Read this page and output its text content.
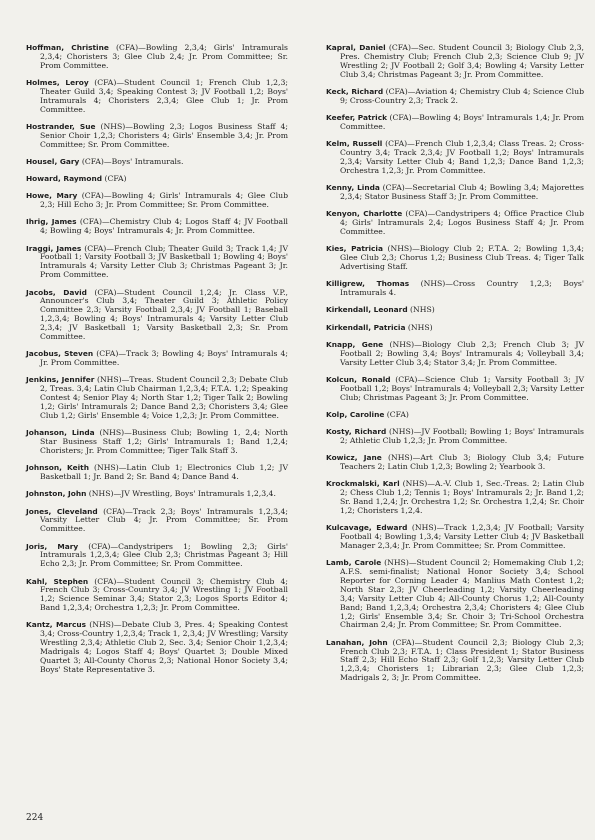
Hoffman, Christine (CFA)—Bowling 2,3,4; Girls' Intramurals 2,3,4; Choristers 3; Glee Club 2,4; Jr. Prom Committee; Sr. Prom Committee.

Holmes, Leroy (CFA)—Student Council 1; French Club 1,2,3; Theater Guild 3,4; Speaking Contest 3; JV Football 1,2; Boys' Intramurals 4; Choristers 2,3,4; Glee Club 1; Jr. Prom Committee.

Hostrander, Sue (NHS)—Bowling 2,3; Logos Business Staff 4; Senior Choir 1,2,3; Choristers 4; Girls' Ensemble 3,4; Jr. Prom Committee; Sr. Prom Committee.

Housel, Gary (CFA)—Boys' Intramurals.

Howard, Raymond (CFA)

Howe, Mary (CFA)—Bowling 4; Girls' Intramurals 4; Glee Club 2,3; Hill Echo 3; Jr. Prom Committee; Sr. Prom Committee.

Ihrig, James (CFA)—Chemistry Club 4; Logos Staff 4; JV Football 4; Bowling 4; Boys' Intramurals 4; Jr. Prom Committee.

Iraggi, James (CFA)—French Club; Theater Guild 3; Track 1,4; JV Football 1; Varsity Football 3; JV Basketball 1; Bowling 4; Boys' Intramurals 4; Varsity Letter Club 3; Christmas Pageant 3; Jr. Prom Committee.

Jacobs, David (CFA)—Student Council 1,2,4; Jr. Class V.P., Announcer's Club 3,4; Theater Guild 3; Athletic Policy Committee 2,3; Varsity Football 2,3,4; JV Football 1; Baseball 1,2,3,4; Bowling 4; Boys' Intramurals 4; Varsity Letter Club 2,3,4; JV Basketball 1; Varsity Basketball 2,3; Sr. Prom Committee.

Jacobus, Steven (CFA)—Track 3; Bowling 4; Boys' Intramurals 4; Jr. Prom Committee.

Jenkins, Jennifer (NHS)—Treas. Student Council 2,3; Debate Club 2, Treas. 3,4; Latin Club Chairman 1,2,3,4; F.T.A. 1,2; Speaking Contest 4; Senior Play 4; North Star 1,2; Tiger Talk 2; Bowling 1,2; Girls' Intramurals 2; Dance Band 2,3; Choristers 3,4; Glee Club 1,2; Girls' Ensemble 4; Voice 1,2,3; Jr. Prom Committee.

Johanson, Linda (NHS)—Business Club; Bowling 1, 2,4; North Star Business Staff 1,2; Girls' Intramurals 1; Band 1,2,4; Choristers; Jr. Prom Committee; Tiger Talk Staff 3.

Johnson, Keith (NHS)—Latin Club 1; Electronics Club 1,2; JV Basketball 1; Jr. Band 2; Sr. Band 4; Dance Band 4.

Johnston, John (NHS)—JV Wrestling, Boys' Intramurals 1,2,3,4.

Jones, Cleveland (CFA)—Track 2,3; Boys' Intramurals 1,2,3,4; Varsity Letter Club 4; Jr. Prom Committee; Sr. Prom Committee.

Joris, Mary (CFA)—Candystripers 1; Bowling 2,3; Girls' Intramurals 1,2,3,4; Glee Club 2,3; Christmas Pageant 3; Hill Echo 2,3; Jr. Prom Committee; Sr. Prom Committee.

Kahl, Stephen (CFA)—Student Council 3; Chemistry Club 4; French Club 3; Cross-Country 3,4; JV Wrestling 1; JV Football 1,2; Science Seminar 3,4; Stator 2,3; Logos Sports Editor 4; Band 1,2,3,4; Orchestra 1,2,3; Jr. Prom Committee.

Kantz, Marcus (NHS)—Debate Club 3, Pres. 4; Speaking Contest 3,4; Cross-Country 1,2,3,4; Track 1, 2,3,4; JV Wrestling; Varsity Wrestling 2,3,4; Athletic Club 2, Sec. 3,4; Senior Choir 1,2,3,4; Madrigals 4; Logos Staff 4; Boys' Quartet 3; Double Mixed Quartet 3; All-County Chorus 2,3; National Honor Society 3,4; Boys' State Representative 3.

Kapral, Daniel (CFA)—Sec. Student Council 3; Biology Club 2,3, Pres. Chemistry Club; French Club 2,3; Science Club 9; JV Wrestling 2; JV Football 2; Golf 3,4; Bowling 4; Varsity Letter Club 3,4; Christmas Pageant 3; Jr. Prom Committee.

Keck, Richard (CFA)—Aviation 4; Chemistry Club 4; Science Club 9; Cross-Country 2,3; Track 2.

Keefer, Patrick (CFA)—Bowling 4; Boys' Intramurals 1,4; Jr. Prom Committee.

Kelm, Russell (CFA)—French Club 1,2,3,4; Class Treas. 2; Cross-Country 3,4; Track 2,3,4; JV Football 1,2; Boys' Intramurals 2,3,4; Varsity Letter Club 4; Band 1,2,3; Dance Band 1,2,3; Orchestra 1,2,3; Jr. Prom Committee.

Kenny, Linda (CFA)—Secretarial Club 4; Bowling 3,4; Majorettes 2,3,4; Stator Business Staff 3; Jr. Prom Committee.

Kenyon, Charlotte (CFA)—Candystripers 4; Office Practice Club 4; Girls' Intramurals 2,4; Logos Business Staff 4; Jr. Prom Committee.

Kies, Patricia (NHS)—Biology Club 2; F.T.A. 2; Bowling 1,3,4; Glee Club 2,3; Chorus 1,2; Business Club Treas. 4; Tiger Talk Advertising Staff.

Killigrew, Thomas (NHS)—Cross Country 1,2,3; Boys' Intramurals 4.

Kirkendall, Leonard (NHS)

Kirkendall, Patricia (NHS)

Knapp, Gene (NHS)—Biology Club 2,3; French Club 3; JV Football 2; Bowling 3,4; Boys' Intramurals 4; Volleyball 3,4; Varsity Letter Club 3,4; Stator 3,4; Jr. Prom Committee.

Kolcun, Ronald (CFA)—Science Club 1; Varsity Football 3; JV Football 1,2; Boys' Intramurals 4; Volleyball 2,3; Varsity Letter Club; Christmas Pageant 3; Jr. Prom Committee.

Kolp, Caroline (CFA)

Kosty, Richard (NHS)—JV Football; Bowling 1; Boys' Intramurals 2; Athletic Club 1,2,3; Jr. Prom Committee.

Kowicz, Jane (NHS)—Art Club 3; Biology Club 3,4; Future Teachers 2; Latin Club 1,2,3; Bowling 2; Yearbook 3.

Krockmalski, Karl (NHS)—A.-V. Club 1, Sec.-Treas. 2; Latin Club 2; Chess Club 1,2; Tennis 1; Boys' Intramurals 2; Jr. Band 1,2; Sr. Band 1,2,4; Jr. Orchestra 1,2; Sr. Orchestra 1,2,4; Sr. Choir 1,2; Choristers 1,2,4.

Kulcavage, Edward (NHS)—Track 1,2,3,4; JV Football; Varsity Football 4; Bowling 1,3,4; Varsity Letter Club 4; JV Basketball Manager 2,3,4; Jr. Prom Committee; Sr. Prom Committee.

Lamb, Carole (NHS)—Student Council 2; Homemaking Club 1,2; A.F.S. semi-finalist; National Honor Society 3,4; School Reporter for Corning Leader 4; Manlius Math Contest 1,2; North Star 2,3; JV Cheerleading 1,2; Varsity Cheerleading 3,4; Varsity Letter Club 4; All-County Chorus 1,2; All-County Band; Band 1,2,3,4; Orchestra 2,3,4; Choristers 4; Glee Club 1,2; Girls' Ensemble 3,4; Sr. Choir 3; Tri-School Orchestra Chairman 2,4; Jr. Prom Committee; Sr. Prom Committee.

Lanahan, John (CFA)—Student Council 2,3; Biology Club 2,3; French Club 2,3; F.T.A. 1; Class President 1; Stator Business Staff 2,3; Hill Echo Staff 2,3; Golf 1,2,3; Varsity Letter Club 1,2,3,4; Choristers 1; Librarian 2,3; Glee Club 1,2,3; Madrigals 2, 3; Jr. Prom Committee.

224
